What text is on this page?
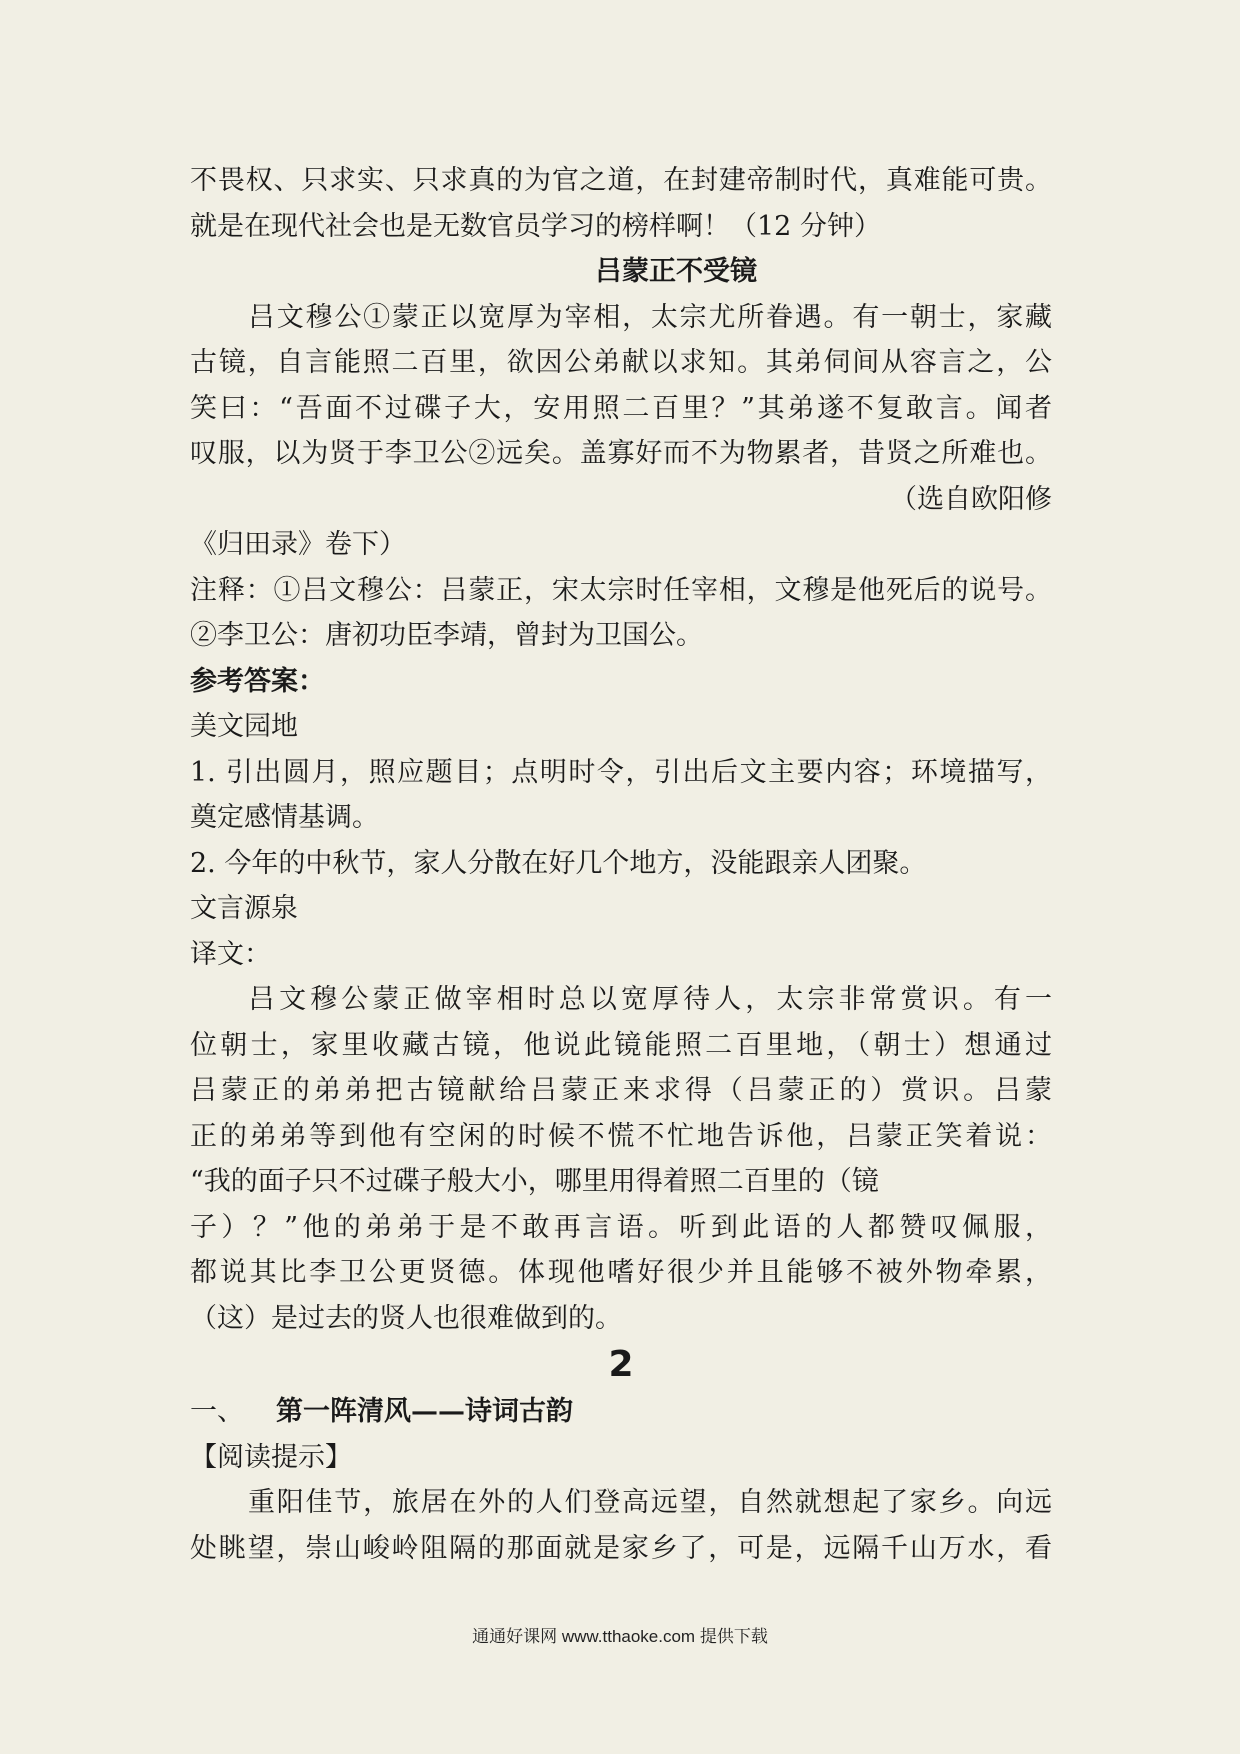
不畏权、只求实、只求真的为官之道，在封建帝制时代，真难能可贵。
就是在现代社会也是无数官员学习的榜样啊！（12 分钟）
吕蒙正不受镜
吕文穆公①蒙正以宽厚为宰相，太宗尤所眷遇。有一朝士，家藏
古镜，自言能照二百里，欲因公弟献以求知。其弟伺间从容言之，公
笑曰：“吾面不过碟子大，安用照二百里？”其弟遂不复敢言。闻者
叹服，以为贤于李卫公②远矣。盖寡好而不为物累者，昔贤之所难也。
（选自欧阳修
《归田录》卷下）
注释：①吕文穆公：吕蒙正，宋太宗时任宰相，文穆是他死后的说号。
②李卫公：唐初功臣李靖，曾封为卫国公。
参考答案：
美文园地
1. 引出圆月，照应题目；点明时令，引出后文主要内容；环境描写，
奠定感情基调。
2. 今年的中秋节，家人分散在好几个地方，没能跟亲人团聚。
文言源泉
译文：
吕文穆公蒙正做宰相时总以宽厚待人，太宗非常赏识。有一
位朝士，家里收藏古镜，他说此镜能照二百里地，（朝士）想通过
吕蒙正的弟弟把古镜献给吕蒙正来求得（吕蒙正的）赏识。吕蒙
正的弟弟等到他有空闲的时候不慌不忙地告诉他，吕蒙正笑着说：
“我的面子只不过碟子般大小，哪里用得着照二百里的（镜
子）？”他的弟弟于是不敢再言语。听到此语的人都赞叹佩服，
都说其比李卫公更贤德。体现他嗜好很少并且能够不被外物牵累，
（这）是过去的贤人也很难做到的。
2
一、	第一阵清风——诗词古韵
【阅读提示】
重阳佳节，旅居在外的人们登高远望，自然就想起了家乡。向远
处眺望，崇山峻岭阻隔的那面就是家乡了，可是，远隔千山万水，看
通通好课网 www.tthaoke.com 提供下载
